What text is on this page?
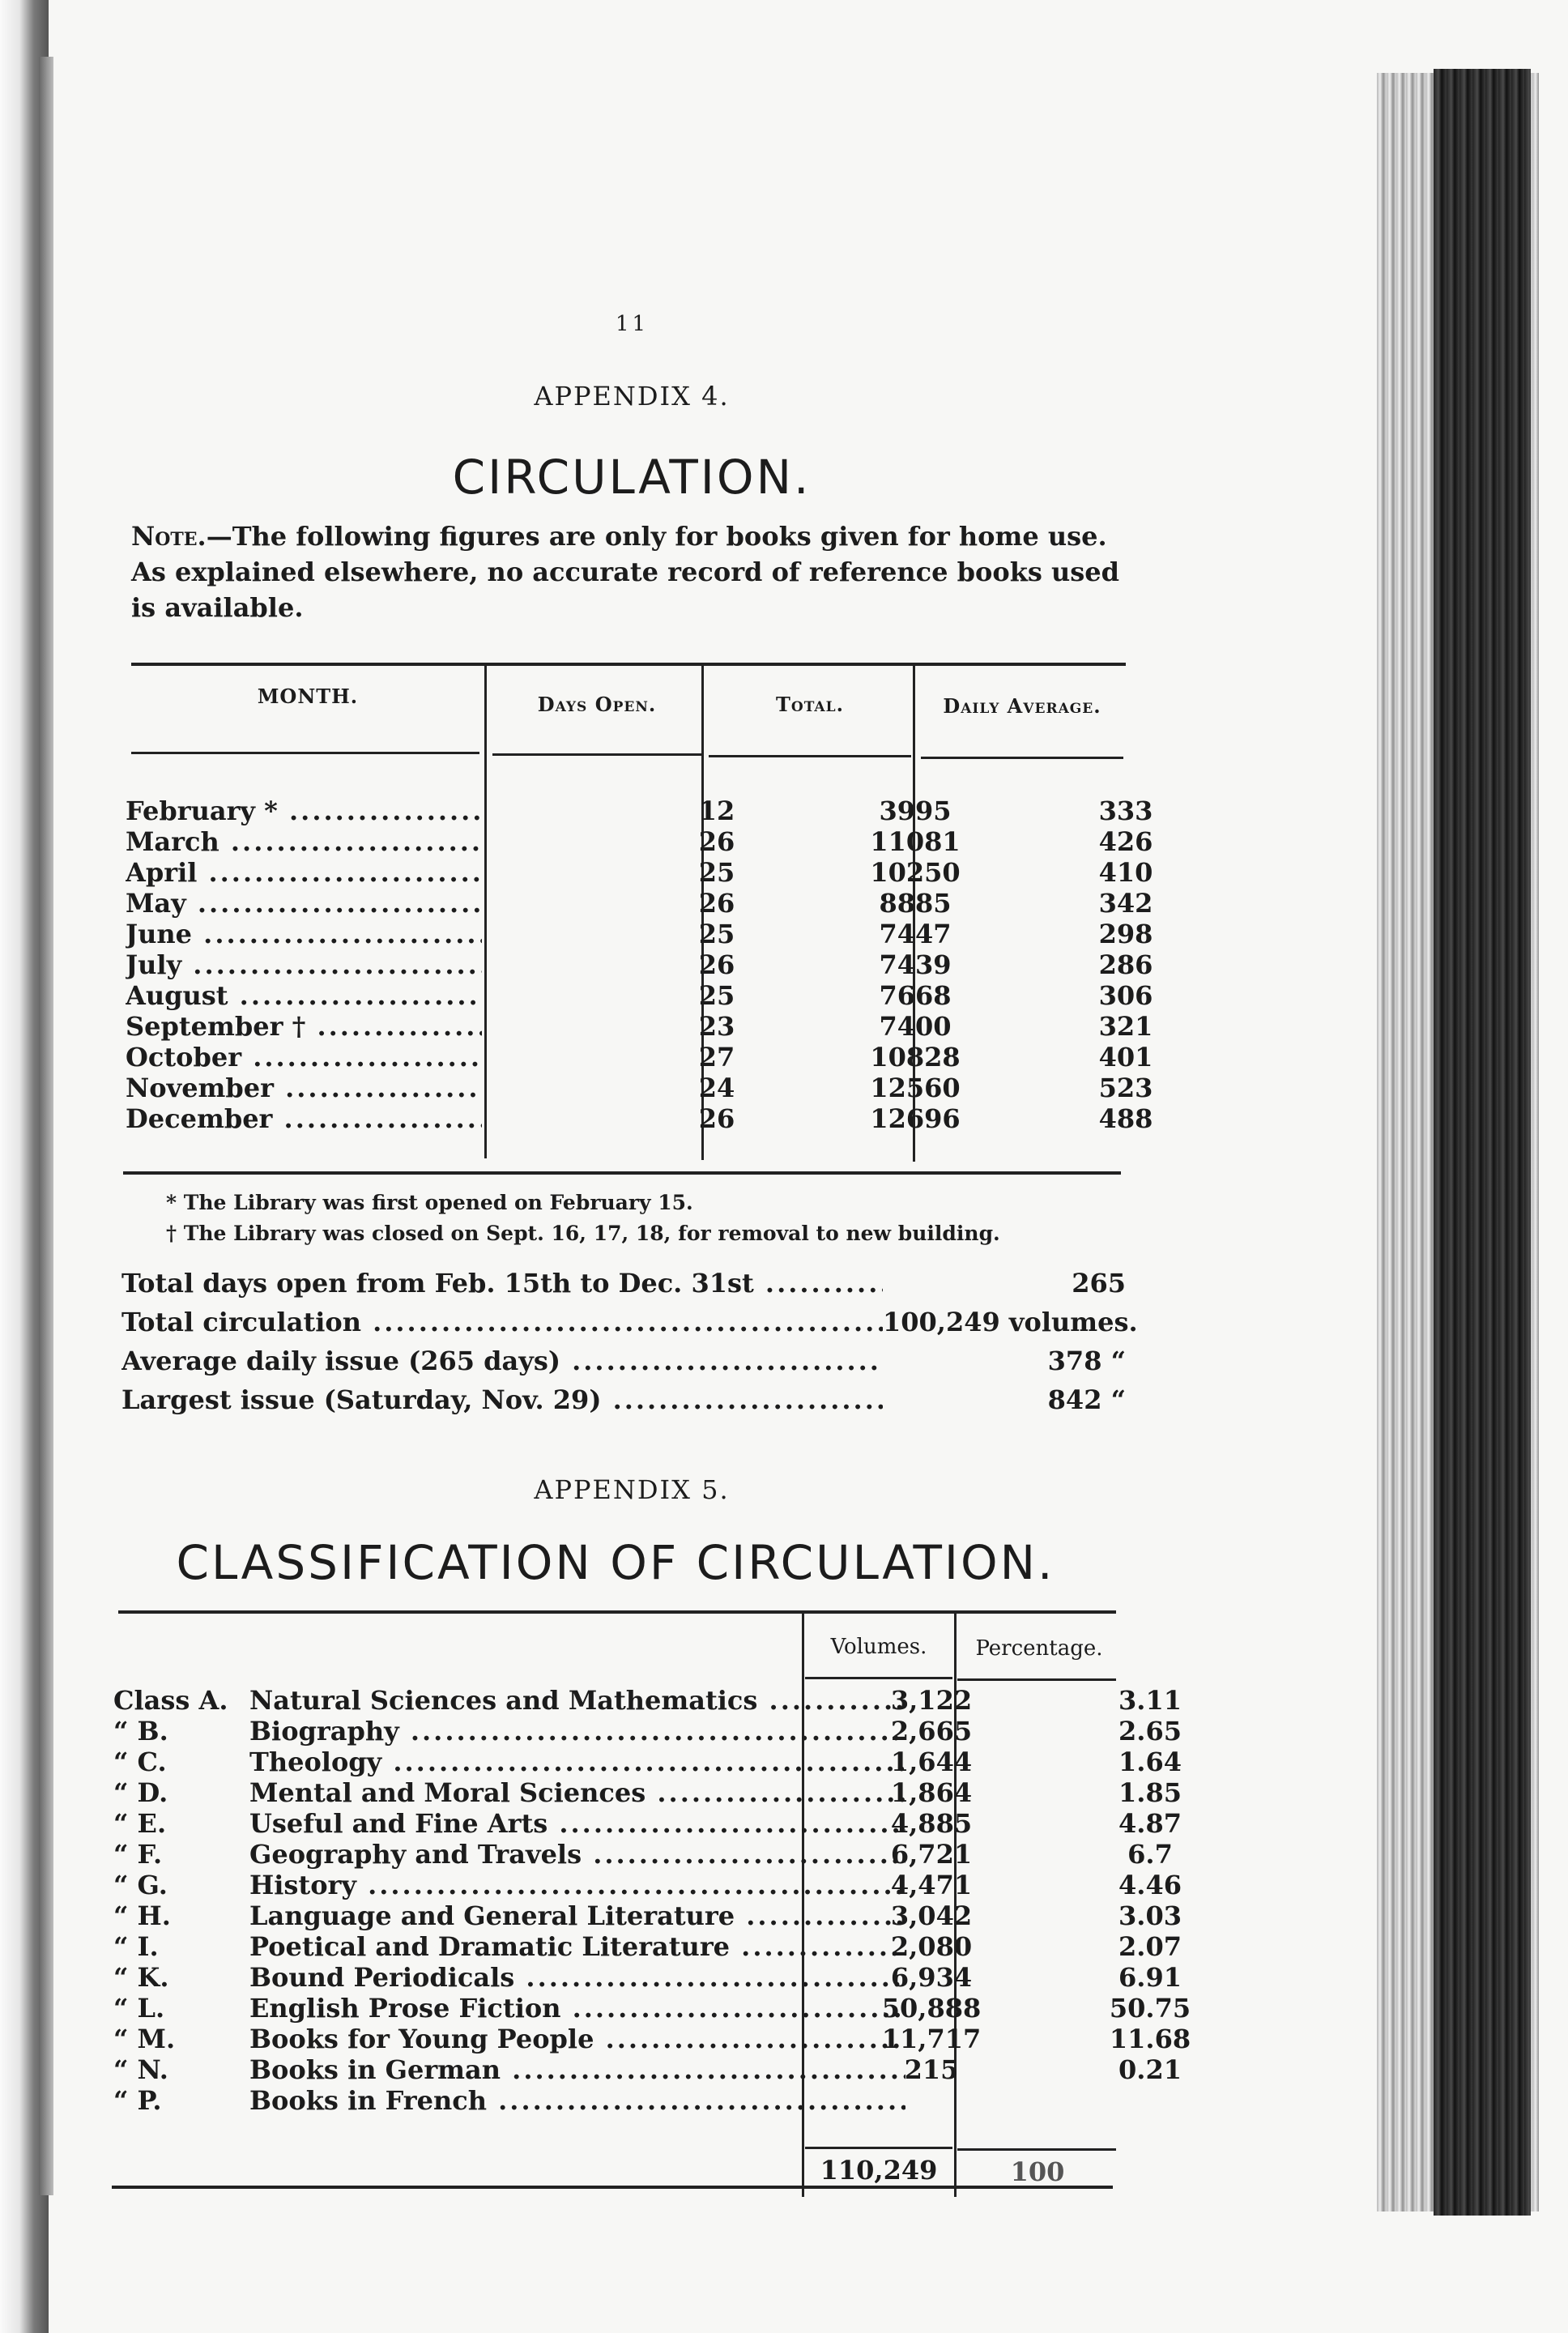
11
APPENDIX 4.
CIRCULATION.
Note.—The following figures are only for books given for home use. As explained elsewhere, no accurate record of reference books used is available.
MONTH.	Days Open.	Total.	Daily Average.
February * .....	12	3995	333
March .....	26	11081	426
April .....	25	10250	410
May .....	26	8885	342
June .....	25	7447	298
July .....	26	7439	286
August .....	25	7668	306
September † .....	23	7400	321
October .....	27	10828	401
November .....	24	12560	523
December .....	26	12696	488
* The Library was first opened on February 15.
† The Library was closed on Sept. 16, 17, 18, for removal to new building.
Total days open from Feb. 15th to Dec. 31st .....	265
Total circulation .....	100,249 volumes.
Average daily issue (265 days) .....	378 “
Largest issue (Saturday, Nov. 29) .....	842 “
APPENDIX 5.
CLASSIFICATION OF CIRCULATION.
Volumes.	Percentage.
Class A. Natural Sciences and Mathematics .....	3,122	3.11
“ B.	Biography .....	2,665	2.65
“ C.	Theology .....	1,644	1.64
“ D.	Mental and Moral Sciences .....	1,864	1.85
“ E.	Useful and Fine Arts .....	4,885	4.87
“ F.	Geography and Travels .....	6,721	6.7
“ G.	History .....	4,471	4.46
“ H.	Language and General Literature .....	3,042	3.03
“ I.	Poetical and Dramatic Literature .....	2,080	2.07
“ K.	Bound Periodicals .....	6,934	6.91
“ L.	English Prose Fiction .....	50,888	50.75
“ M.	Books for Young People .....	11,717	11.68
“ N.	Books in German .....	215	0.21
“ P.	Books in French .....
110,249	100
